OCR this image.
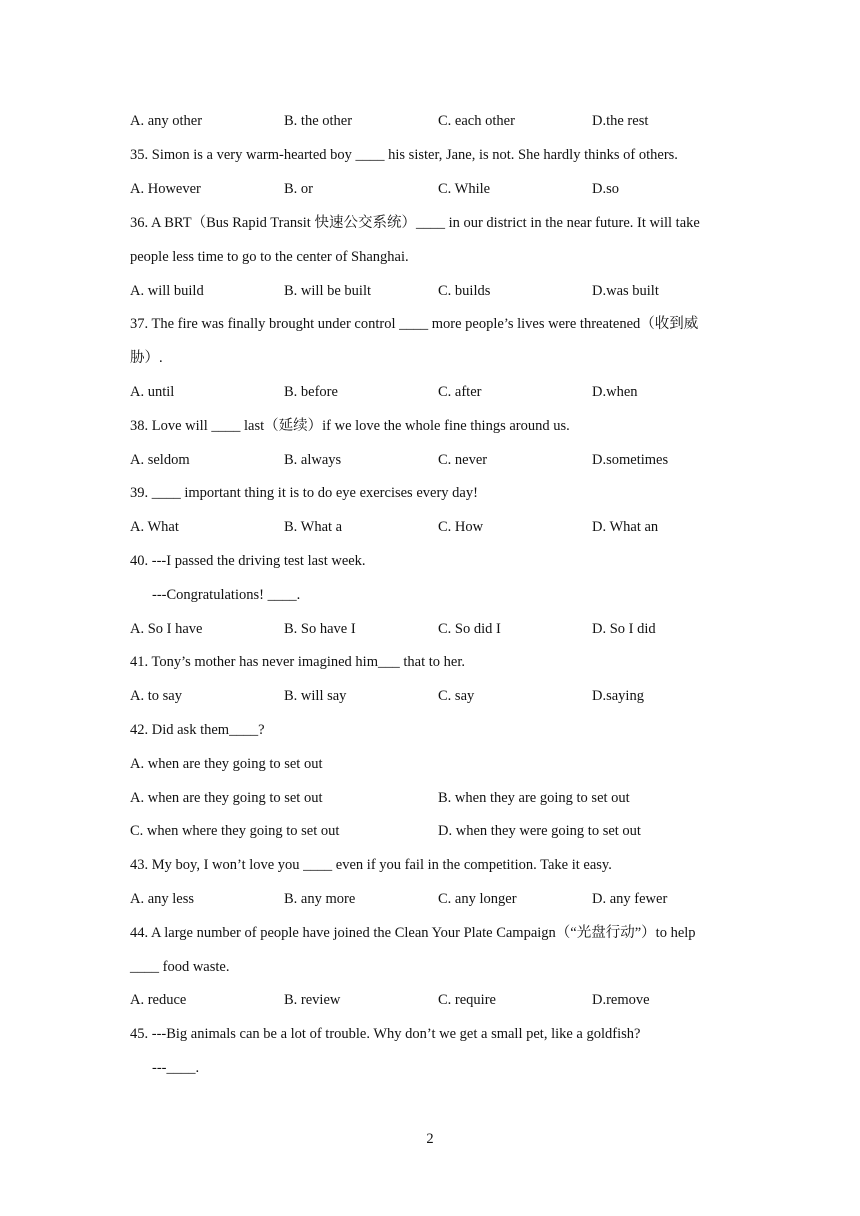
A. any other	B. the other	C. each other	D.the rest
35. Simon is a very warm-hearted boy ____ his sister, Jane, is not. She hardly thinks of others.
A. However	B. or	C. While	D.so
36. A BRT（Bus Rapid Transit 快速公交系统）____ in our district in the near future. It will take
people less time to go to the center of Shanghai.
A. will build	B. will be built	C. builds	D.was built
37. The fire was finally brought under control ____ more people’s lives were threatened（收到威
胁）.
A. until	B. before	C. after	D.when
38. Love will ____ last（延续）if we love the whole fine things around us.
A. seldom	B. always	C. never	D.sometimes
39. ____ important thing it is to do eye exercises every day!
A. What	B. What a	C. How	D. What an
40. ---I passed the driving test last week.
---Congratulations! ____.
A. So I have	B. So have I	C. So did I	D. So I did
41. Tony’s mother has never imagined him___ that to her.
A. to say	B. will say	C. say	D.saying
42. Did ask them____?
A. when are they going to set out
A. when are they going to set out	B. when they are going to set out
C. when where they going to set out	D. when they were going to set out
43. My boy, I won’t love you ____ even if you fail in the competition. Take it easy.
A. any less	B. any more	C. any longer	D. any fewer
44. A large number of people have joined the Clean Your Plate Campaign（“光盘行动”）to help
____ food waste.
A. reduce	B. review	C. require	D.remove
45. ---Big animals can be a lot of trouble. Why don’t we get a small pet, like a goldfish?
---____.
2
